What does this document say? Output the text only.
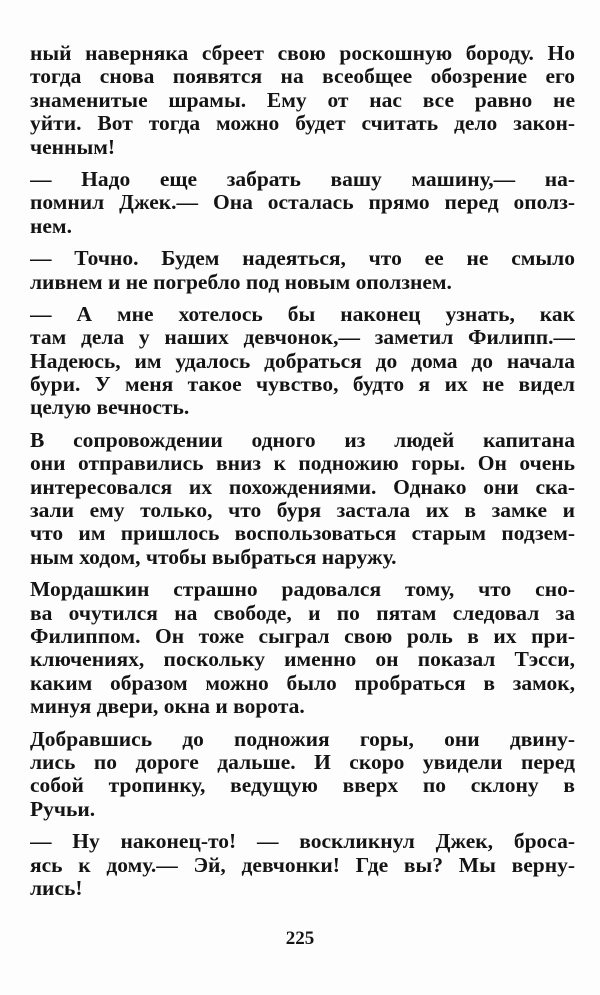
ный наверняка сбреет свою роскошную бороду. Но
тогда снова появятся на всеобщее обозрение его
знаменитые шрамы. Ему от нас все равно не
уйти. Вот тогда можно будет считать дело закон-
ченным!
— Надо еще забрать вашу машину,— на-
помнил Джек.— Она осталась прямо перед ополз-
нем.
— Точно. Будем надеяться, что ее не смыло
ливнем и не погребло под новым оползнем.
— А мне хотелось бы наконец узнать, как
там дела у наших девчонок,— заметил Филипп.—
Надеюсь, им удалось добраться до дома до начала
бури. У меня такое чувство, будто я их не видел
целую вечность.
В сопровождении одного из людей капитана
они отправились вниз к подножию горы. Он очень
интересовался их похождениями. Однако они ска-
зали ему только, что буря застала их в замке и
что им пришлось воспользоваться старым подзем-
ным ходом, чтобы выбраться наружу.
Мордашкин страшно радовался тому, что сно-
ва очутился на свободе, и по пятам следовал за
Филиппом. Он тоже сыграл свою роль в их при-
ключениях, поскольку именно он показал Тэсси,
каким образом можно было пробраться в замок,
минуя двери, окна и ворота.
Добравшись до подножия горы, они двину-
лись по дороге дальше. И скоро увидели перед
собой тропинку, ведущую вверх по склону в
Ручьи.
— Ну наконец-то! — воскликнул Джек, броса-
ясь к дому.— Эй, девчонки! Где вы? Мы верну-
лись!
225
